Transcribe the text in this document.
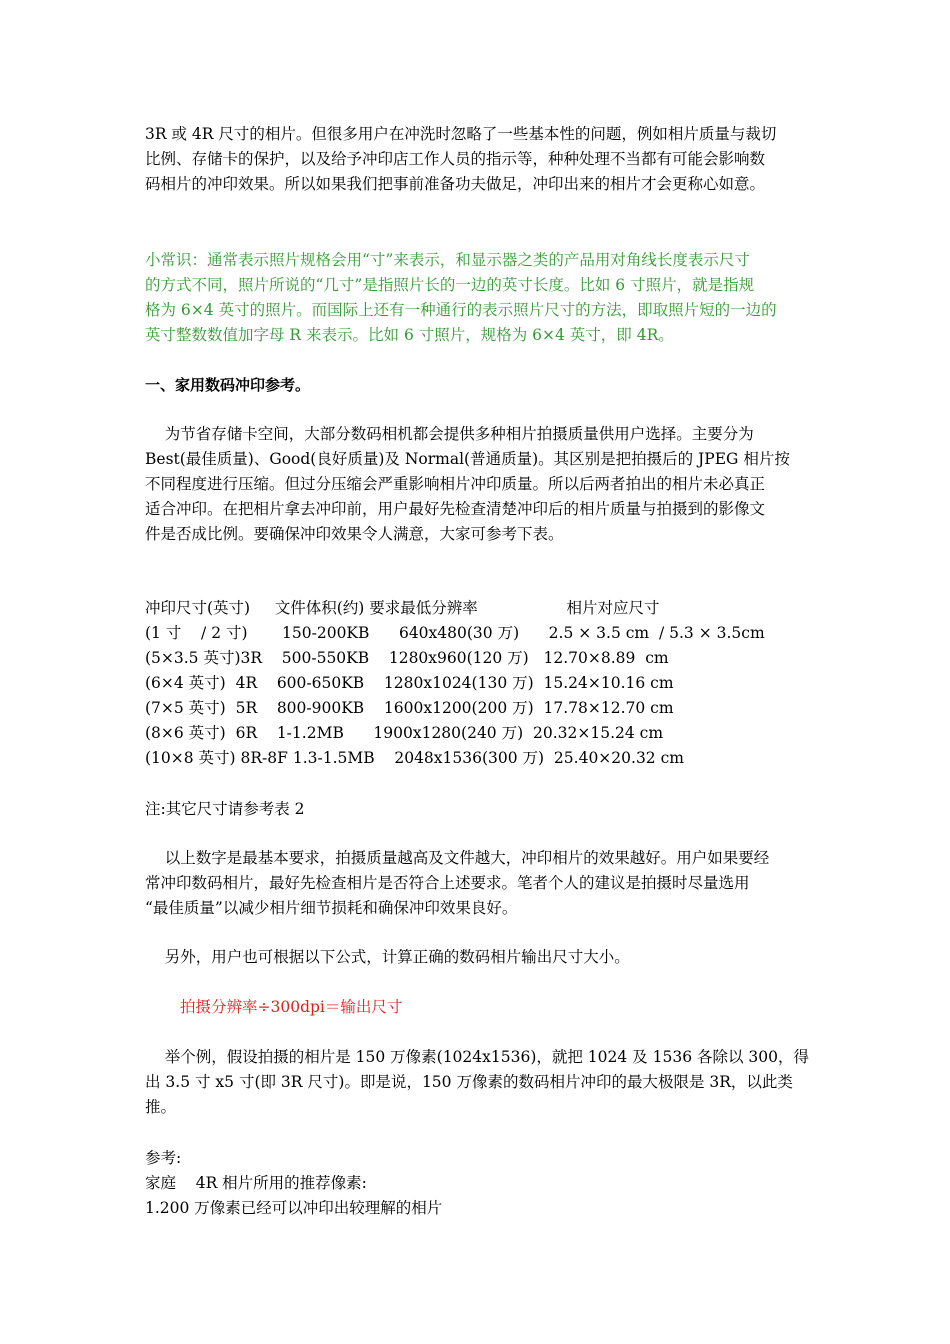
3R 或 4R 尺寸的相片。但很多用户在冲洗时忽略了一些基本性的问题，例如相片质量与裁切
比例、存储卡的保护，以及给予冲印店工作人员的指示等，种种处理不当都有可能会影响数
码相片的冲印效果。所以如果我们把事前准备功夫做足，冲印出来的相片才会更称心如意。
小常识：通常表示照片规格会用“寸”来表示，和显示器之类的产品用对角线长度表示尺寸
的方式不同，照片所说的“几寸”是指照片长的一边的英寸长度。比如 6 寸照片，就是指规
格为 6×4 英寸的照片。而国际上还有一种通行的表示照片尺寸的方法，即取照片短的一边的
英寸整数数值加字母 R 来表示。比如 6 寸照片，规格为 6×4 英寸，即 4R。
一、家用数码冲印参考。
为节省存储卡空间，大部分数码相机都会提供多种相片拍摄质量供用户选择。主要分为
Best(最佳质量)、Good(良好质量)及 Normal(普通质量)。其区别是把拍摄后的 JPEG 相片按
不同程度进行压缩。但过分压缩会严重影响相片冲印质量。所以后两者拍出的相片未必真正
适合冲印。在把相片拿去冲印前，用户最好先检查清楚冲印后的相片质量与拍摄到的影像文
件是否成比例。要确保冲印效果令人满意，大家可参考下表。
冲印尺寸(英寸)     文件体积(约) 要求最低分辨率                  相片对应尺寸
(1 寸    / 2 寸)       150-200KB      640x480(30 万)      2.5 × 3.5 cm  / 5.3 × 3.5cm
(5×3.5 英寸)3R    500-550KB    1280x960(120 万)   12.70×8.89  cm
(6×4 英寸)  4R    600-650KB    1280x1024(130 万)  15.24×10.16 cm
(7×5 英寸)  5R    800-900KB    1600x1200(200 万)  17.78×12.70 cm
(8×6 英寸)  6R    1-1.2MB      1900x1280(240 万)  20.32×15.24 cm
(10×8 英寸) 8R-8F 1.3-1.5MB    2048x1536(300 万)  25.40×20.32 cm
注:其它尺寸请参考表 2
以上数字是最基本要求，拍摄质量越高及文件越大，冲印相片的效果越好。用户如果要经
常冲印数码相片，最好先检查相片是否符合上述要求。笔者个人的建议是拍摄时尽量选用
“最佳质量”以减少相片细节损耗和确保冲印效果良好。
另外，用户也可根据以下公式，计算正确的数码相片输出尺寸大小。
拍摄分辨率÷300dpi＝输出尺寸
举个例，假设拍摄的相片是 150 万像素(1024x1536)，就把 1024 及 1536 各除以 300，得
出 3.5 寸 x5 寸(即 3R 尺寸)。即是说，150 万像素的数码相片冲印的最大极限是 3R，以此类
推。
参考:
家庭    4R 相片所用的推荐像素:
1.200 万像素已经可以冲印出较理解的相片
